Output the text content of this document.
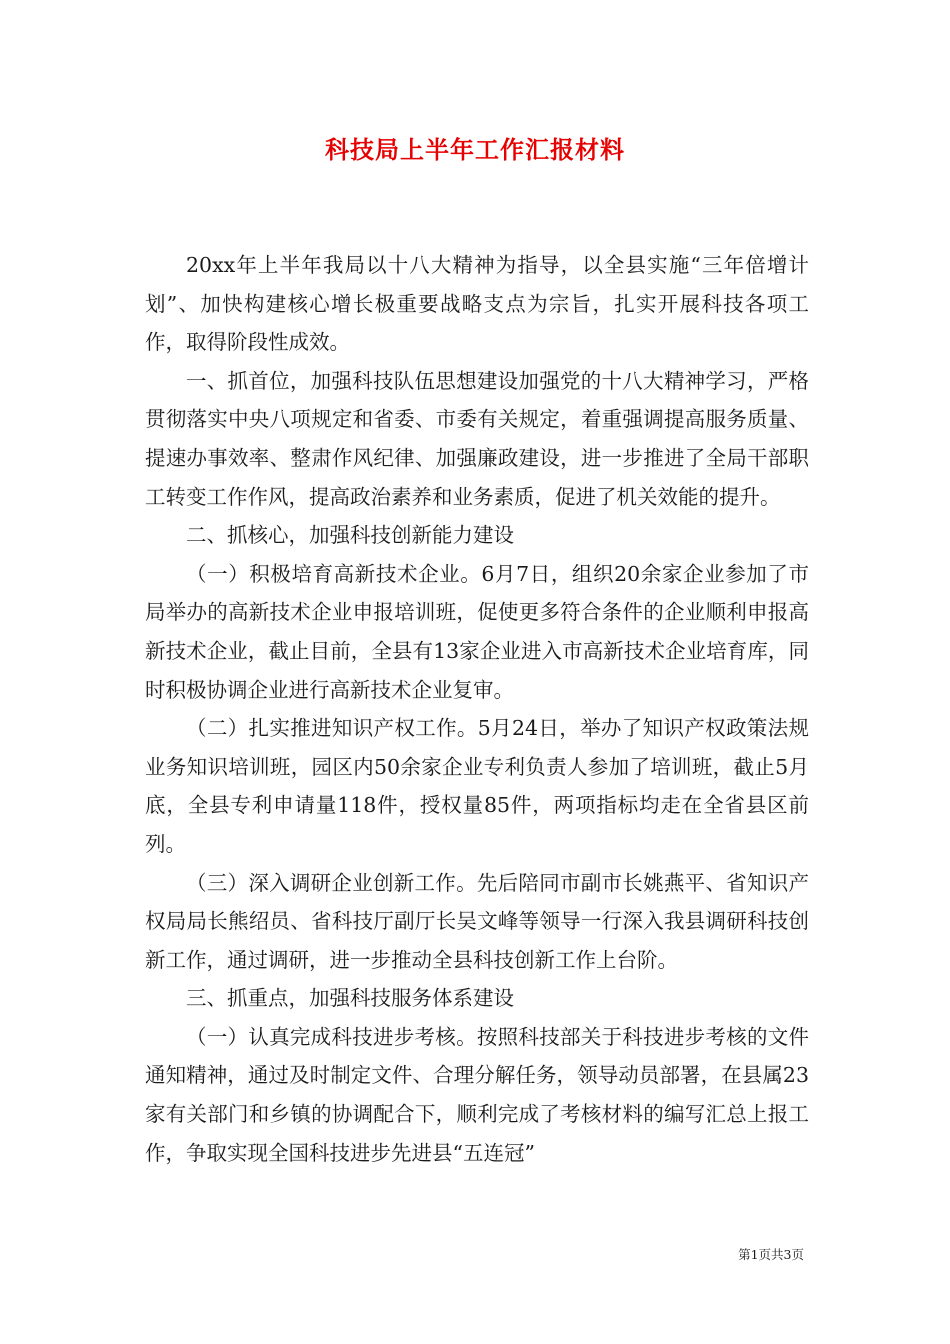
科技局上半年工作汇报材料

20xx年上半年我局以十八大精神为指导，以全县实施“三年倍增计划”、加快构建核心增长极重要战略支点为宗旨，扎实开展科技各项工作，取得阶段性成效。

一、抓首位，加强科技队伍思想建设加强党的十八大精神学习，严格贯彻落实中央八项规定和省委、市委有关规定，着重强调提高服务质量、提速办事效率、整肃作风纪律、加强廉政建设，进一步推进了全局干部职工转变工作作风，提高政治素养和业务素质，促进了机关效能的提升。

二、抓核心，加强科技创新能力建设

（一）积极培育高新技术企业。6月7日，组织20余家企业参加了市局举办的高新技术企业申报培训班，促使更多符合条件的企业顺利申报高新技术企业，截止目前，全县有13家企业进入市高新技术企业培育库，同时积极协调企业进行高新技术企业复审。

（二）扎实推进知识产权工作。5月24日，举办了知识产权政策法规业务知识培训班，园区内50余家企业专利负责人参加了培训班，截止5月底，全县专利申请量118件，授权量85件，两项指标均走在全省县区前列。

（三）深入调研企业创新工作。先后陪同市副市长姚燕平、省知识产权局局长熊绍员、省科技厅副厅长吴文峰等领导一行深入我县调研科技创新工作，通过调研，进一步推动全县科技创新工作上台阶。

三、抓重点，加强科技服务体系建设

（一）认真完成科技进步考核。按照科技部关于科技进步考核的文件通知精神，通过及时制定文件、合理分解任务，领导动员部署，在县属23家有关部门和乡镇的协调配合下，顺利完成了考核材料的编写汇总上报工作，争取实现全国科技进步先进县“五连冠”

第1页共3页
